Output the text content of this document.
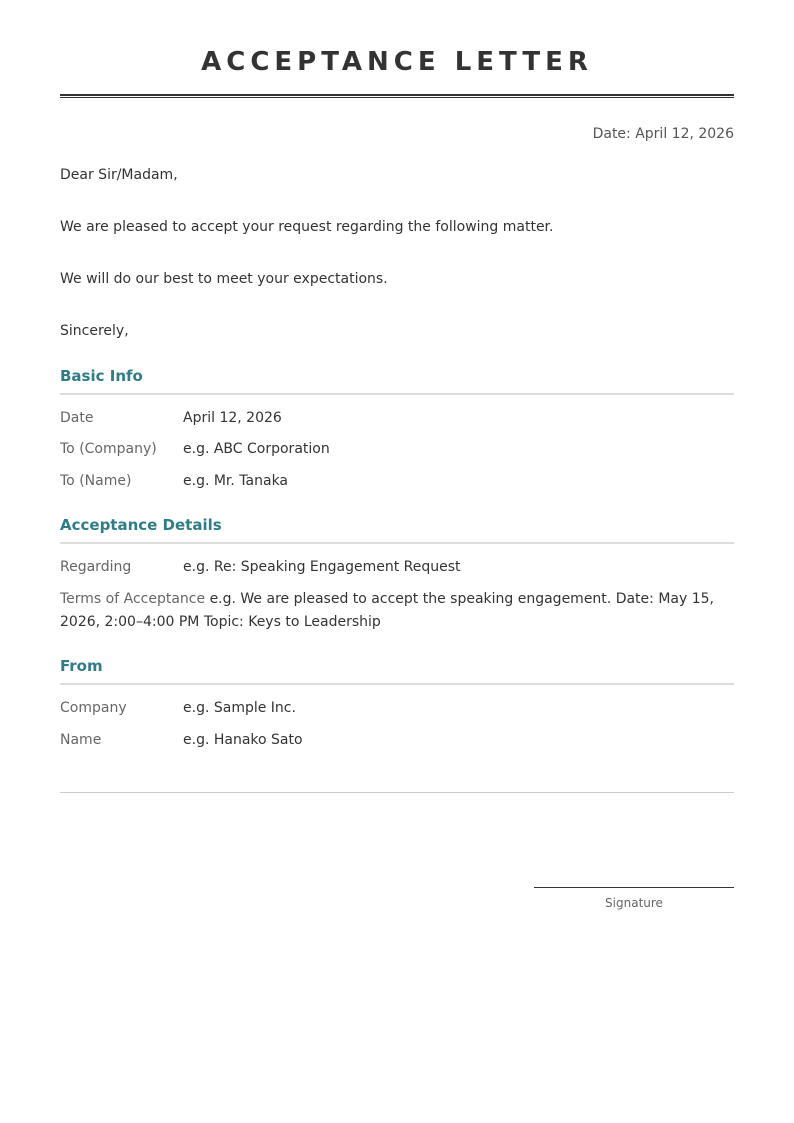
ACCEPTANCE LETTER
Date: April 12, 2026
Dear Sir/Madam,
We are pleased to accept your request regarding the following matter.
We will do our best to meet your expectations.
Sincerely,
Basic Info
Date	April 12, 2026
To (Company) e.g. ABC Corporation
To (Name)	e.g. Mr. Tanaka
Acceptance Details
Regarding	e.g. Re: Speaking Engagement Request
Terms of Acceptance e.g. We are pleased to accept the speaking engagement. Date: May 15, 2026, 2:00–4:00 PM Topic: Keys to Leadership
From
Company	e.g. Sample Inc.
Name	e.g. Hanako Sato
Signature
